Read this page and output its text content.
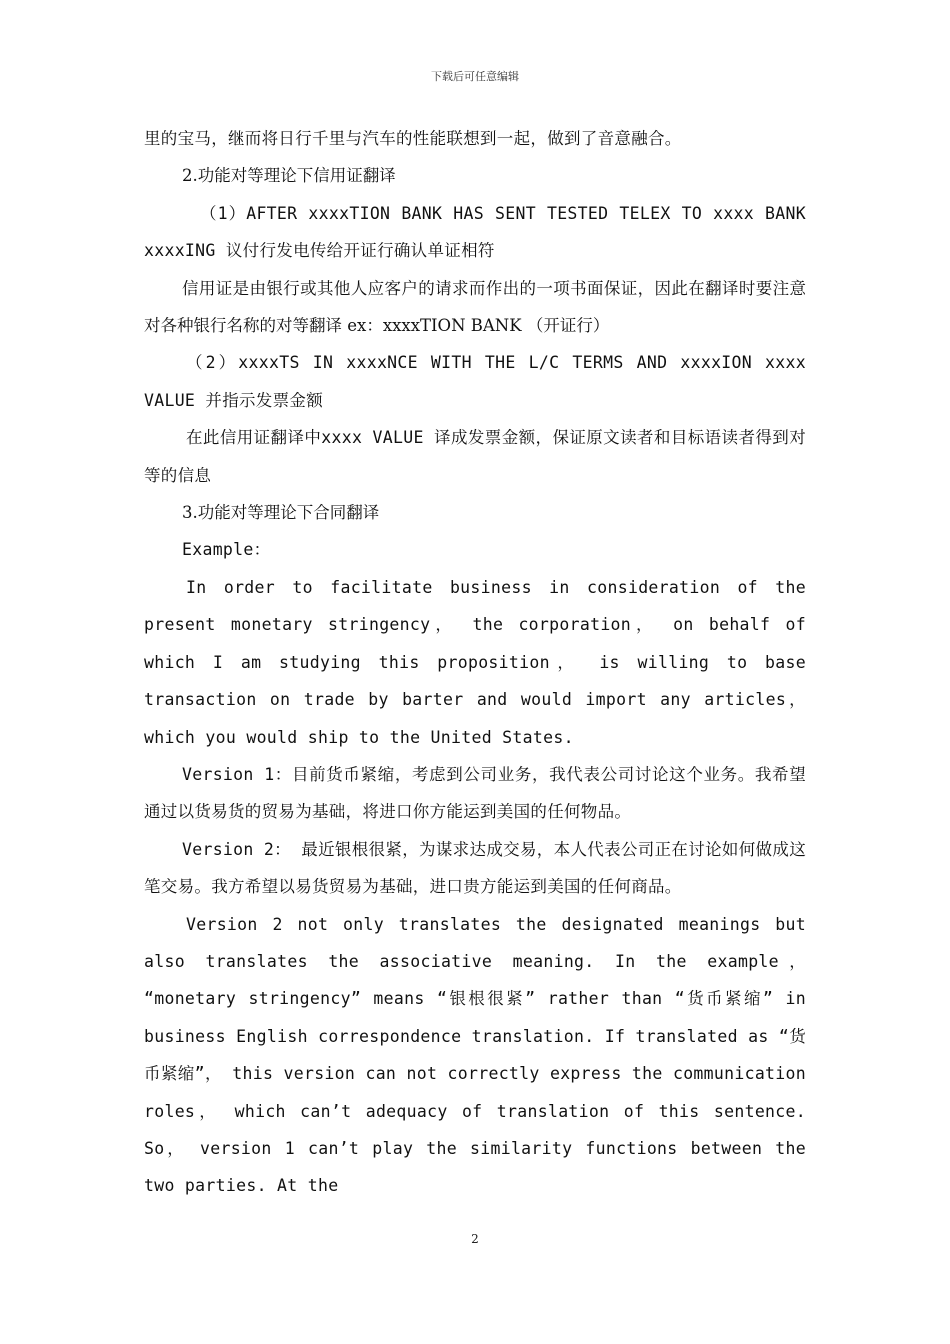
下载后可任意编辑

里的宝马，继而将日行千里与汽车的性能联想到一起，做到了音意融合。

2.功能对等理论下信用证翻译

（1）AFTER xxxxTION BANK HAS SENT TESTED TELEX TO xxxx BANK xxxxING 议付行发电传给开证行确认单证相符

信用证是由银行或其他人应客户的请求而作出的一项书面保证，因此在翻译时要注意对各种银行名称的对等翻译 ex：xxxxTION BANK （开证行）

（2）xxxxTS IN xxxxNCE WITH THE L/C TERMS AND xxxxION xxxx VALUE 并指示发票金额

在此信用证翻译中xxxx VALUE 译成发票金额，保证原文读者和目标语读者得到对等的信息

3.功能对等理论下合同翻译

Example：

In order to facilitate business in consideration of the present monetary stringency， the corporation， on behalf of which I am studying this proposition， is willing to base transaction on trade by barter and would import any articles， which you would ship to the United States.

Version 1：目前货币紧缩，考虑到公司业务，我代表公司讨论这个业务。我希望通过以货易货的贸易为基础，将进口你方能运到美国的任何物品。

Version 2： 最近银根很紧，为谋求达成交易，本人代表公司正在讨论如何做成这笔交易。我方希望以易货贸易为基础，进口贵方能运到美国的任何商品。

Version 2 not only translates the designated meanings but also translates the associative meaning. In the example， “monetary stringency” means “银根很紧” rather than “货币紧缩” in business English correspondence translation. If translated as “货币紧缩”， this version can not correctly express the communication roles， which can’t adequacy of translation of this sentence. So， version 1 can’t play the similarity functions between the two parties. At the

2
